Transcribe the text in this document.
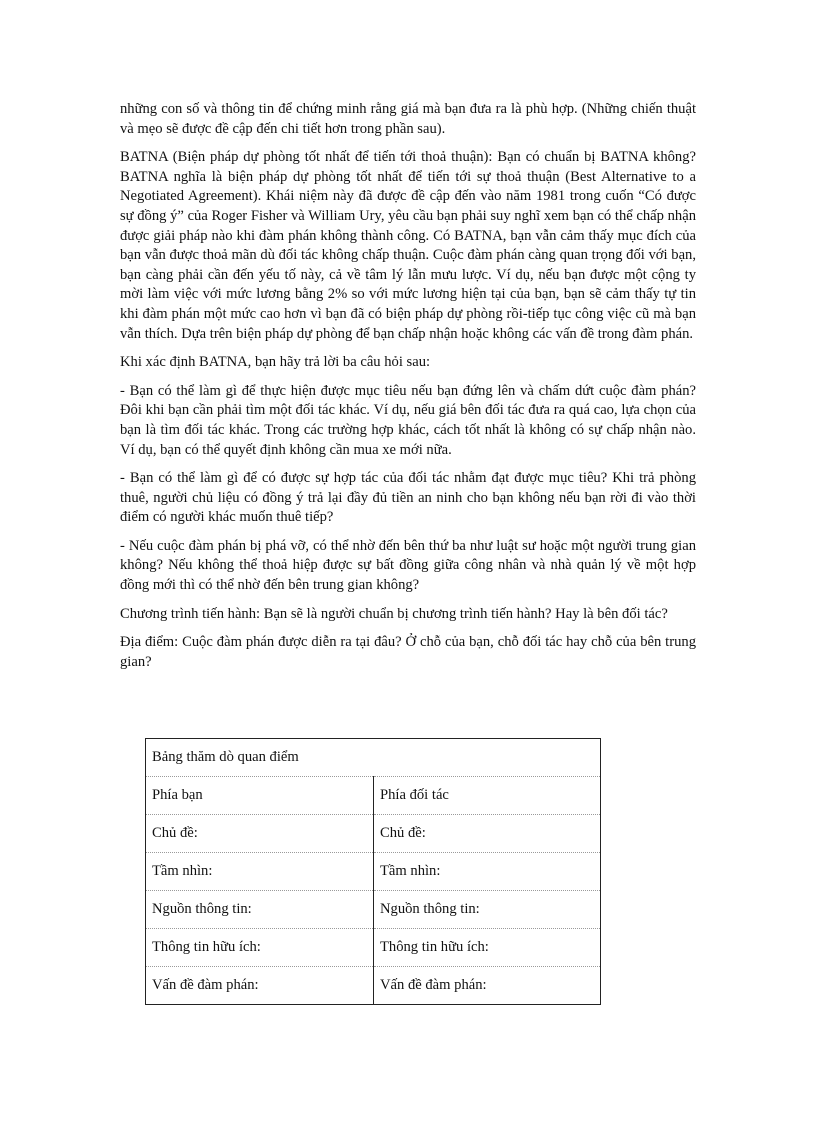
những con số và thông tin để chứng minh rằng giá mà bạn đưa ra là phù hợp. (Những chiến thuật và mẹo sẽ được đề cập đến chi tiết hơn trong phần sau).

BATNA (Biện pháp dự phòng tốt nhất để tiến tới thoả thuận): Bạn có chuẩn bị BATNA không? BATNA nghĩa là biện pháp dự phòng tốt nhất để tiến tới sự thoả thuận (Best Alternative to a Negotiated Agreement). Khái niệm này đã được đề cập đến vào năm 1981 trong cuốn “Có được sự đồng ý” của Roger Fisher và William Ury, yêu cầu bạn phải suy nghĩ xem bạn có thể chấp nhận được giải pháp nào khi đàm phán không thành công. Có BATNA, bạn vẫn cảm thấy mục đích của bạn vẫn được thoả mãn dù đối tác không chấp thuận. Cuộc đàm phán càng quan trọng đối với bạn, bạn càng phải cần đến yếu tố này, cả về tâm lý lẫn mưu lược. Ví dụ, nếu bạn được một cộng ty mời làm việc với mức lương bằng 2% so với mức lương hiện tại của bạn, bạn sẽ cảm thấy tự tin khi đàm phán một mức cao hơn vì bạn đã có biện pháp dự phòng rồi-tiếp tục công việc cũ mà bạn vẫn thích. Dựa trên biện pháp dự phòng để bạn chấp nhận hoặc không các vấn đề trong đàm phán.

Khi xác định BATNA, bạn hãy trả lời ba câu hỏi sau:

- Bạn có thể làm gì để thực hiện được mục tiêu nếu bạn đứng lên và chấm dứt cuộc đàm phán? Đôi khi bạn cần phải tìm một đối tác khác. Ví dụ, nếu giá bên đối tác đưa ra quá cao, lựa chọn của bạn là tìm đối tác khác. Trong các trường hợp khác, cách tốt nhất là không có sự chấp nhận nào. Ví dụ, bạn có thể quyết định không cần mua xe mới nữa.

- Bạn có thể làm gì để có được sự hợp tác của đối tác nhằm đạt được mục tiêu? Khi trả phòng thuê, người chủ liệu có đồng ý trả lại đầy đủ tiền an ninh cho bạn không nếu bạn rời đi vào thời điểm có người khác muốn thuê tiếp?

- Nếu cuộc đàm phán bị phá vỡ, có thể nhờ đến bên thứ ba như luật sư hoặc một người trung gian không? Nếu không thể thoả hiệp được sự bất đồng giữa công nhân và nhà quản lý về một hợp đồng mới thì có thể nhờ đến bên trung gian không?

Chương trình tiến hành: Bạn sẽ là người chuẩn bị chương trình tiến hành? Hay là bên đối tác?

Địa điểm: Cuộc đàm phán được diễn ra tại đâu? Ở chỗ của bạn, chỗ đối tác hay chỗ của bên trung gian?

Bảng thăm dò quan điểm	
Phía bạn	Phía đối tác
Chủ đề:	Chủ đề:
Tầm nhìn:	Tầm nhìn:
Nguồn thông tin:	Nguồn thông tin:
Thông tin hữu ích:	Thông tin hữu ích:
Vấn đề đàm phán:	Vấn đề đàm phán:
